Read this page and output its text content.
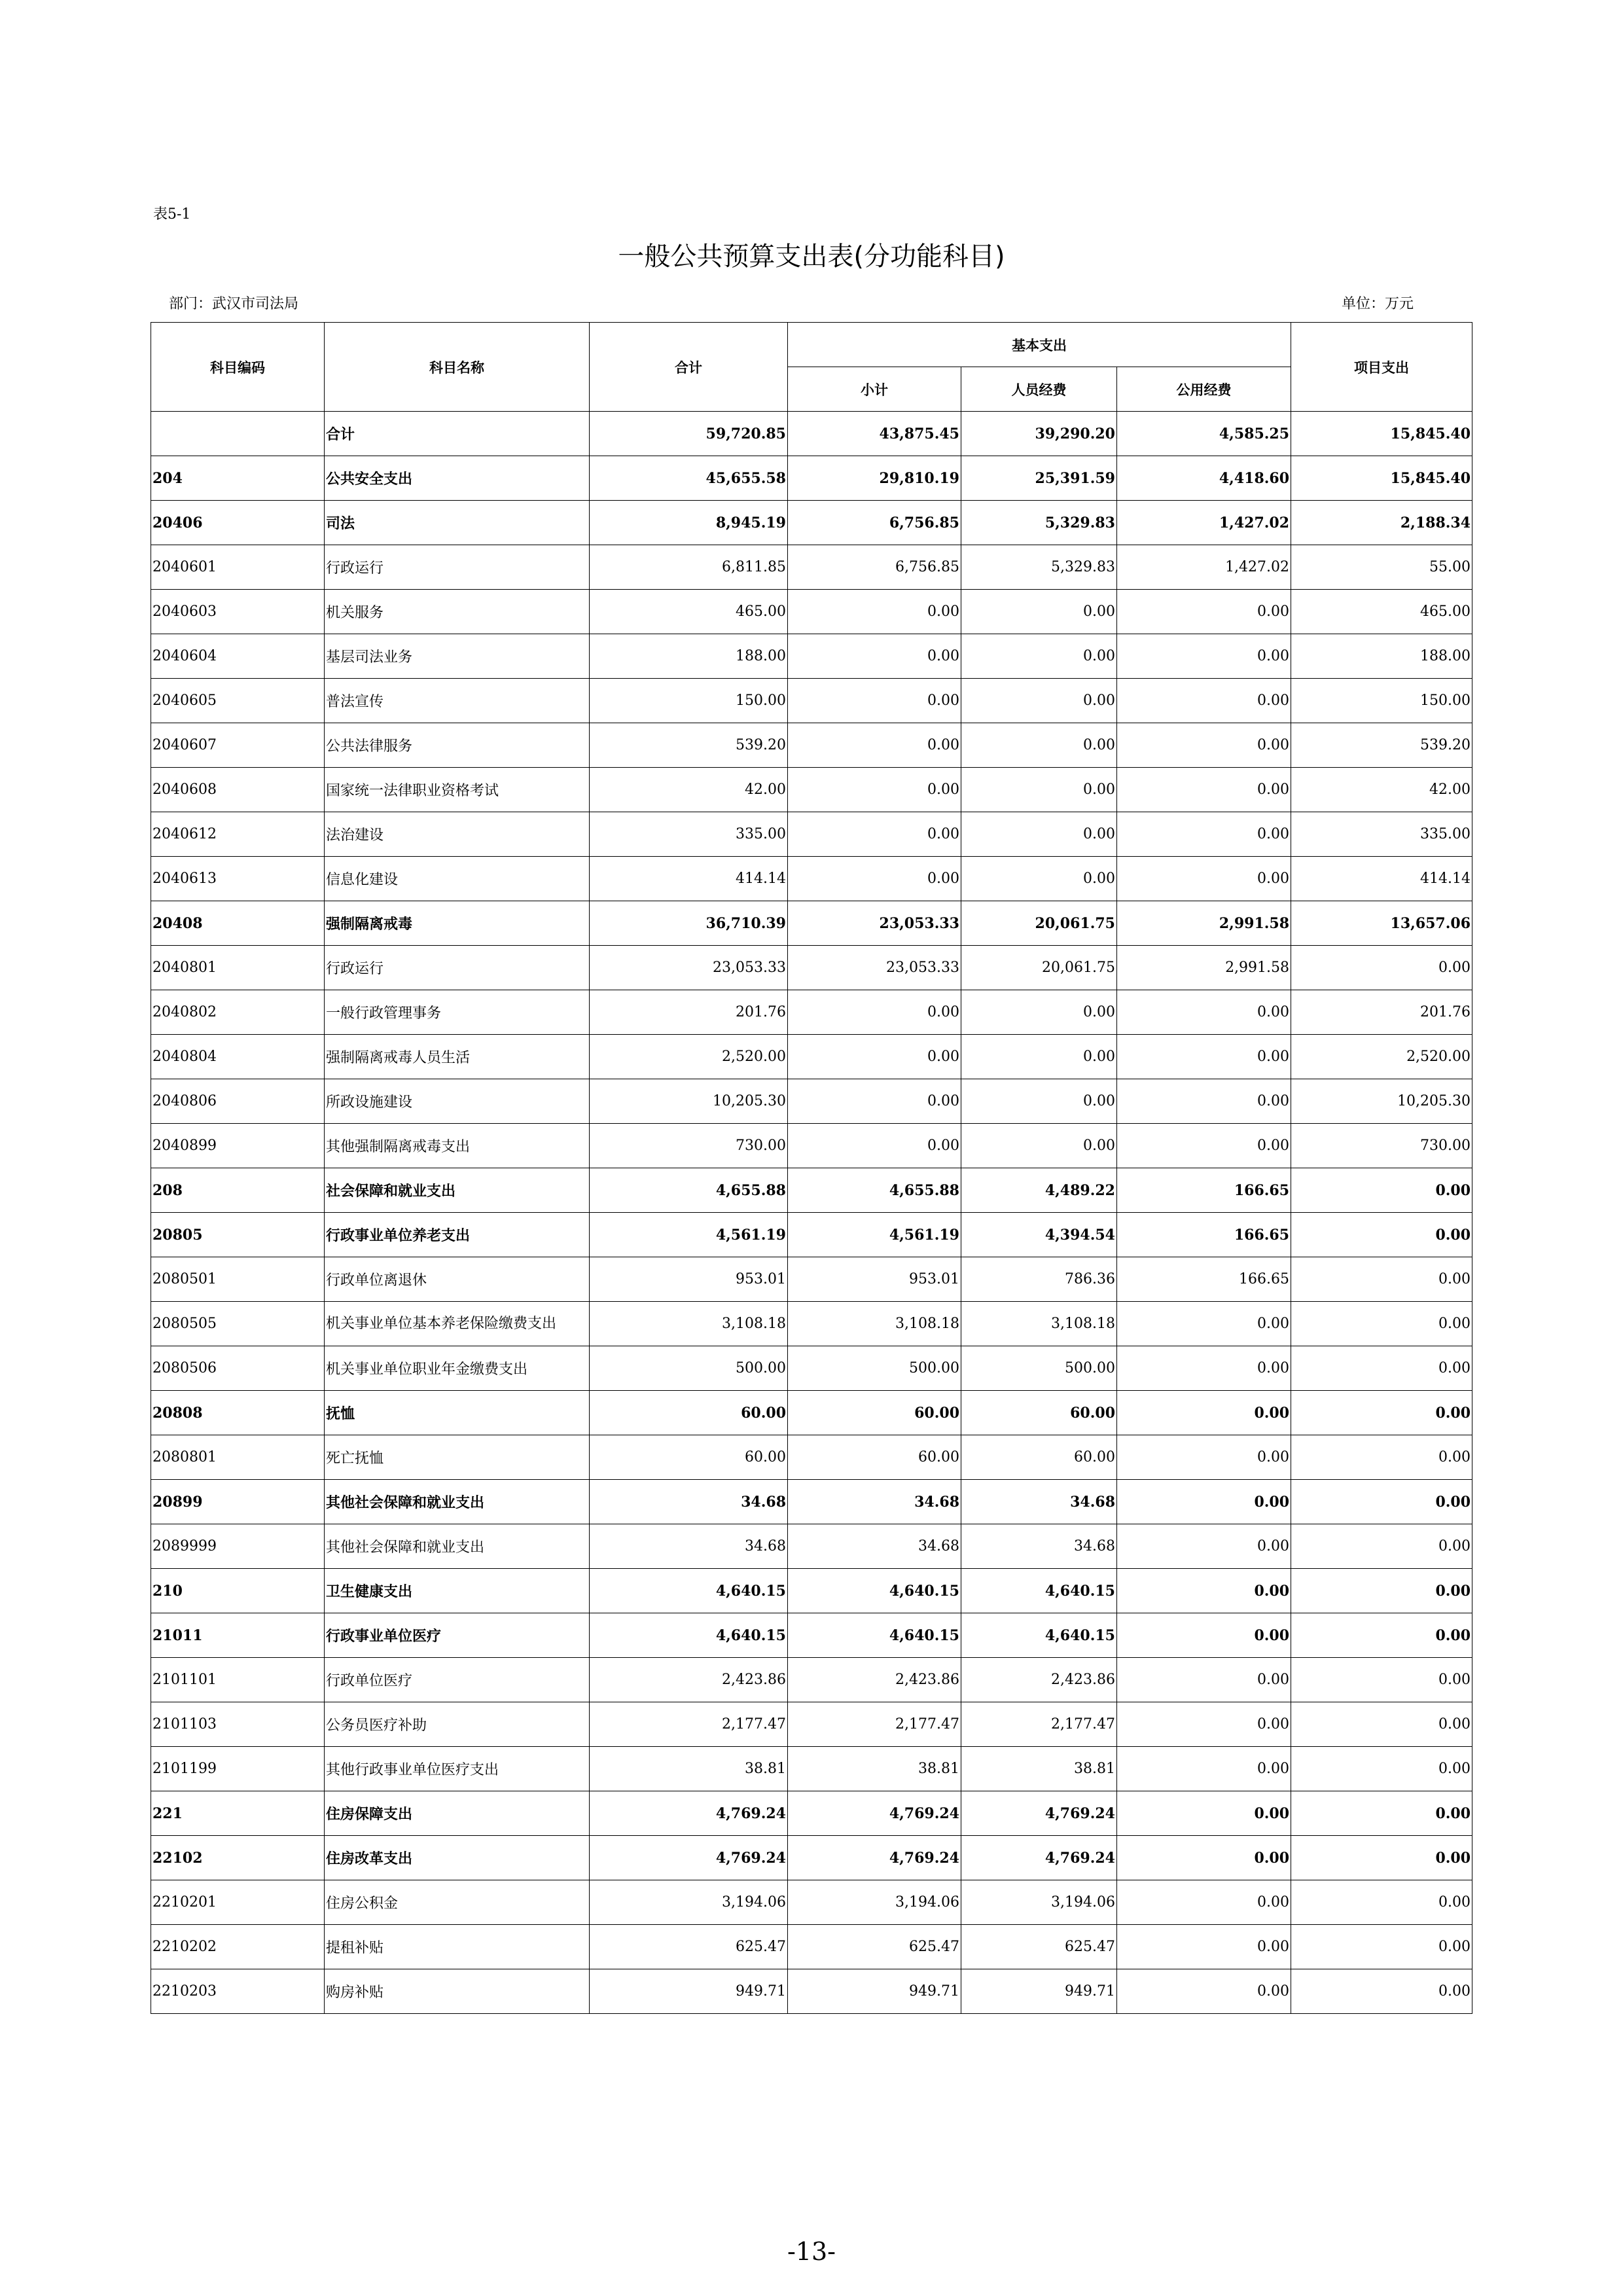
表5-1
一般公共预算支出表(分功能科目)
部门：武汉市司法局	单位：万元
科目编码	科目名称	合计	基本支出			项目支出
			小计	人员经费	公用经费	
	合计	59,720.85	43,875.45	39,290.20	4,585.25	15,845.40
204	公共安全支出	45,655.58	29,810.19	25,391.59	4,418.60	15,845.40
20406	司法	8,945.19	6,756.85	5,329.83	1,427.02	2,188.34
2040601	行政运行	6,811.85	6,756.85	5,329.83	1,427.02	55.00
2040603	机关服务	465.00	0.00	0.00	0.00	465.00
2040604	基层司法业务	188.00	0.00	0.00	0.00	188.00
2040605	普法宣传	150.00	0.00	0.00	0.00	150.00
2040607	公共法律服务	539.20	0.00	0.00	0.00	539.20
2040608	国家统一法律职业资格考试	42.00	0.00	0.00	0.00	42.00
2040612	法治建设	335.00	0.00	0.00	0.00	335.00
2040613	信息化建设	414.14	0.00	0.00	0.00	414.14
20408	强制隔离戒毒	36,710.39	23,053.33	20,061.75	2,991.58	13,657.06
2040801	行政运行	23,053.33	23,053.33	20,061.75	2,991.58	0.00
2040802	一般行政管理事务	201.76	0.00	0.00	0.00	201.76
2040804	强制隔离戒毒人员生活	2,520.00	0.00	0.00	0.00	2,520.00
2040806	所政设施建设	10,205.30	0.00	0.00	0.00	10,205.30
2040899	其他强制隔离戒毒支出	730.00	0.00	0.00	0.00	730.00
208	社会保障和就业支出	4,655.88	4,655.88	4,489.22	166.65	0.00
20805	行政事业单位养老支出	4,561.19	4,561.19	4,394.54	166.65	0.00
2080501	行政单位离退休	953.01	953.01	786.36	166.65	0.00
2080505	机关事业单位基本养老保险缴费支出	3,108.18	3,108.18	3,108.18	0.00	0.00
2080506	机关事业单位职业年金缴费支出	500.00	500.00	500.00	0.00	0.00
20808	抚恤	60.00	60.00	60.00	0.00	0.00
2080801	死亡抚恤	60.00	60.00	60.00	0.00	0.00
20899	其他社会保障和就业支出	34.68	34.68	34.68	0.00	0.00
2089999	其他社会保障和就业支出	34.68	34.68	34.68	0.00	0.00
210	卫生健康支出	4,640.15	4,640.15	4,640.15	0.00	0.00
21011	行政事业单位医疗	4,640.15	4,640.15	4,640.15	0.00	0.00
2101101	行政单位医疗	2,423.86	2,423.86	2,423.86	0.00	0.00
2101103	公务员医疗补助	2,177.47	2,177.47	2,177.47	0.00	0.00
2101199	其他行政事业单位医疗支出	38.81	38.81	38.81	0.00	0.00
221	住房保障支出	4,769.24	4,769.24	4,769.24	0.00	0.00
22102	住房改革支出	4,769.24	4,769.24	4,769.24	0.00	0.00
2210201	住房公积金	3,194.06	3,194.06	3,194.06	0.00	0.00
2210202	提租补贴	625.47	625.47	625.47	0.00	0.00
2210203	购房补贴	949.71	949.71	949.71	0.00	0.00
-13-
